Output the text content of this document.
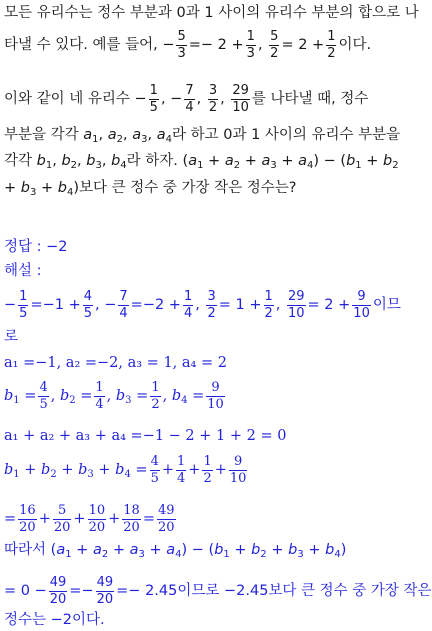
모든 유리수는 정수 부분과 0과 1 사이의 유리수 부분의 합으로 나
타낼 수 있다. 예를 들어, − $\frac{5}{3} =- 2 + \frac{1}{3}$ , $\frac{5}{2} = 2 + \frac{1}{2}$ 이다.
이와 같이 네 유리수 − $\frac{1}{5}$ , − $\frac{7}{4}$ , $\frac{3}{2}$ , $\frac{29}{10}$ 를 나타낼 때, 정수
부분을 각각 $a_1$, $a_2$, $a_3$, $a_4$라 하고 0과 1 사이의 유리수 부분을
각각 $b_1$, $b_2$, $b_3$, $b_4$라 하자. $(a_1 + a_2 + a_3 + a_4) - (b_1 + b_2$
+ $b_3 + b_4$)보다 큰 정수 중 가장 작은 정수는?
정답 : −2
해설 :
− $\frac{1}{5} =-1 + \frac{4}{5}$ , − $\frac{7}{4} =-2 + \frac{1}{4}$ , $\frac{3}{2} = 1 + \frac{1}{2}$ , $\frac{29}{10} = 2 + \frac{9}{10}$ 이므
로
a₁ =−1, a₂ =−2, a₃ = 1, a₄ = 2
$b_1 = \frac{4}{5}$ , $b_2 = \frac{1}{4}$ , $b_3 = \frac{1}{2}$ , $b_4 = \frac{9}{10}$
a₁ + a₂ + a₃ + a₄ =−1 − 2 + 1 + 2 = 0
$b_1 + b_2 + b_3 + b_4 = \frac{4}{5} + \frac{1}{4} + \frac{1}{2} + \frac{9}{10}$
= $\frac{16}{20} + \frac{5}{20} + \frac{10}{20} + \frac{18}{20} = \frac{49}{20}$
따라서 $(a_1 + a_2 + a_3 + a_4) - (b_1 + b_2 + b_3 + b_4)$
= $0 - \frac{49}{20} =- \frac{49}{20} =- 2.45$이므로 −2.45보다 큰 정수 중 가장 작은
정수는 −2이다.
